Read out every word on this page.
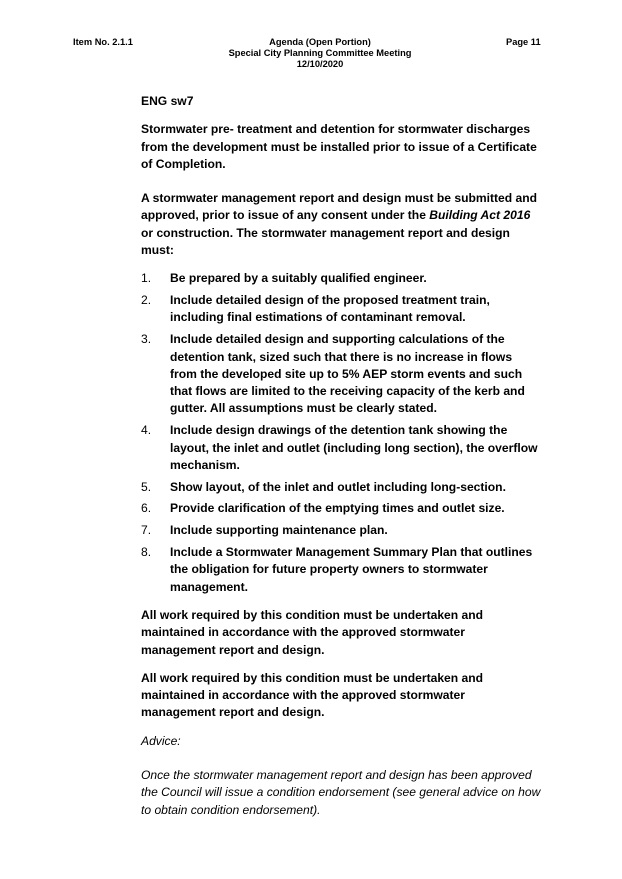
Item No. 2.1.1	Agenda (Open Portion)
Special City Planning Committee Meeting
12/10/2020
Page 11

ENG sw7

Stormwater pre- treatment and detention for stormwater discharges from the development must be installed prior to issue of a Certificate of Completion.

A stormwater management report and design must be submitted and approved, prior to issue of any consent under the Building Act 2016 or construction. The stormwater management report and design must:

1. Be prepared by a suitably qualified engineer.
2. Include detailed design of the proposed treatment train, including final estimations of contaminant removal.
3. Include detailed design and supporting calculations of the detention tank, sized such that there is no increase in flows from the developed site up to 5% AEP storm events and such that flows are limited to the receiving capacity of the kerb and gutter. All assumptions must be clearly stated.
4. Include design drawings of the detention tank showing the layout, the inlet and outlet (including long section), the overflow mechanism.
5. Show layout, of the inlet and outlet including long-section.
6. Provide clarification of the emptying times and outlet size.
7. Include supporting maintenance plan.
8. Include a Stormwater Management Summary Plan that outlines the obligation for future property owners to stormwater management.

All work required by this condition must be undertaken and maintained in accordance with the approved stormwater management report and design.

All work required by this condition must be undertaken and maintained in accordance with the approved stormwater management report and design.

Advice:

Once the stormwater management report and design has been approved the Council will issue a condition endorsement (see general advice on how to obtain condition endorsement).
